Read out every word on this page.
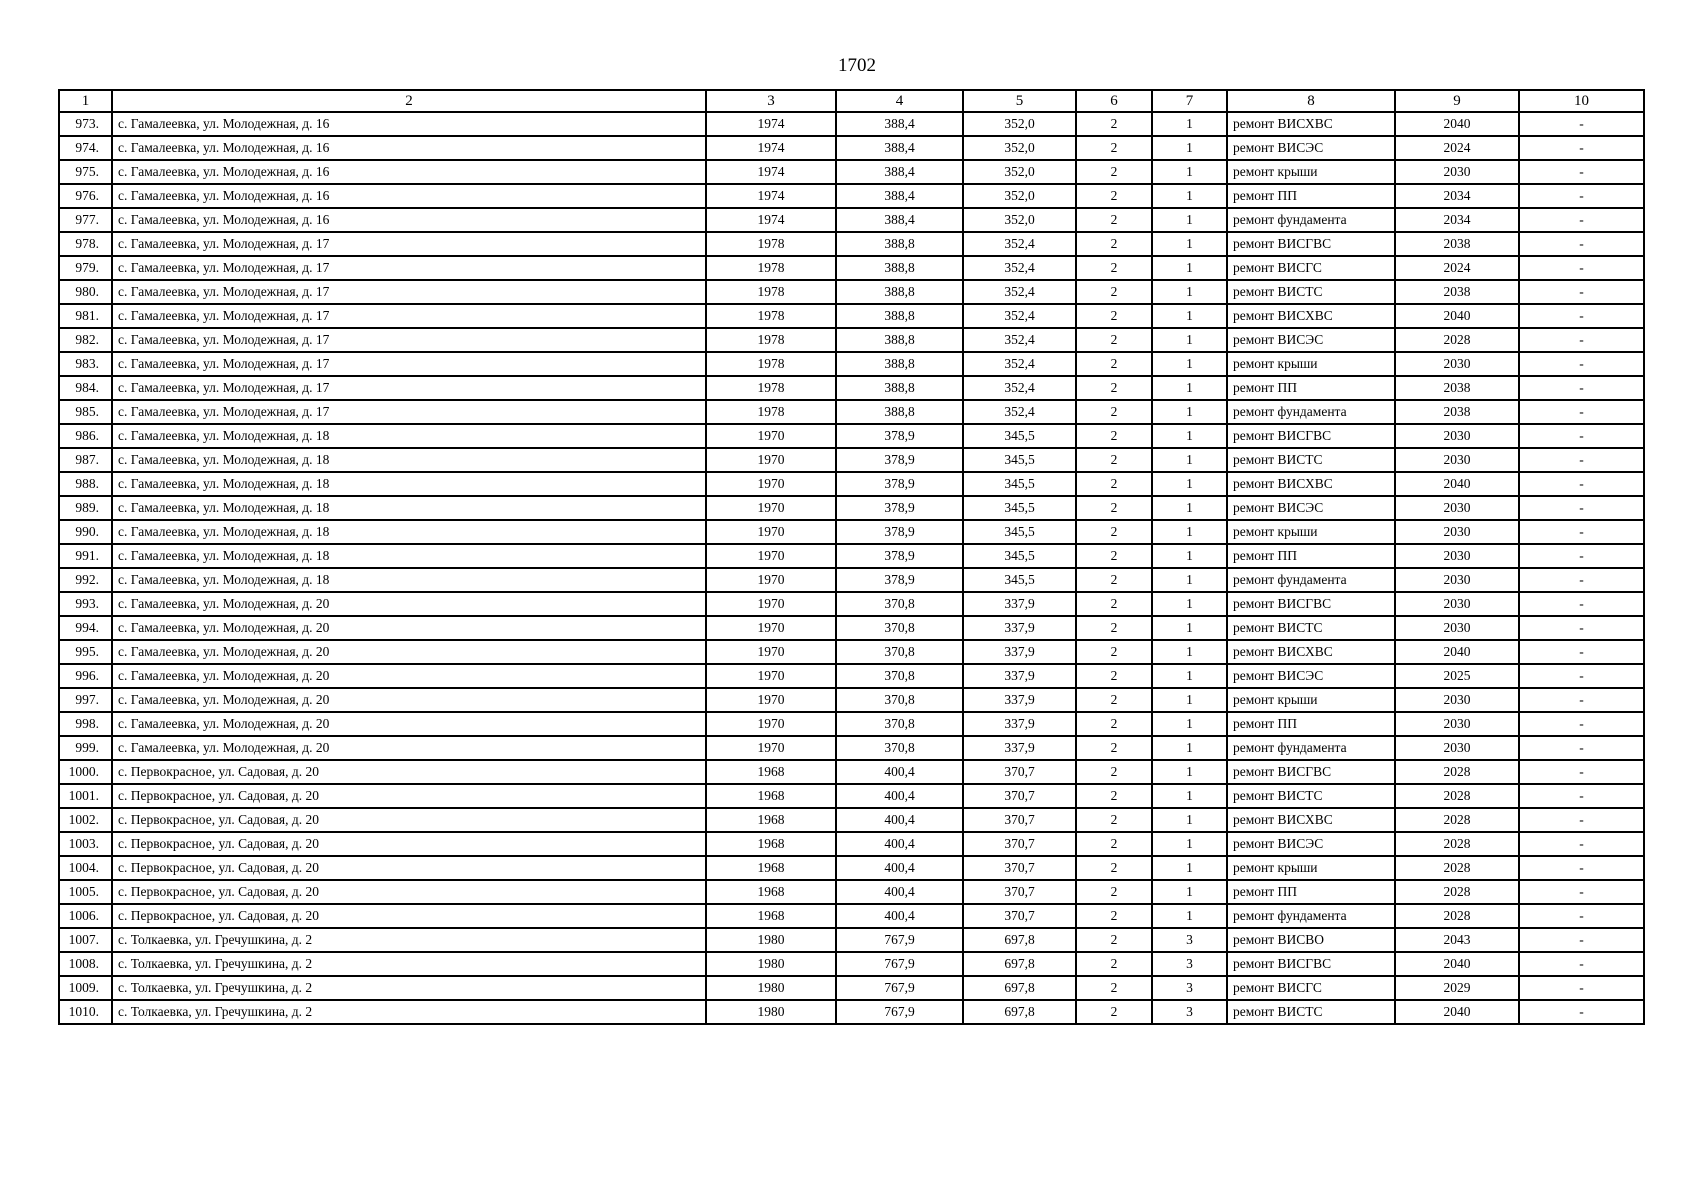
1702
1	2	3	4	5	6	7	8	9	10
973.	с. Гамалеевка, ул. Молодежная, д. 16	1974	388,4	352,0	2	1	ремонт ВИСХВС	2040	-
974.	с. Гамалеевка, ул. Молодежная, д. 16	1974	388,4	352,0	2	1	ремонт ВИСЭС	2024	-
975.	с. Гамалеевка, ул. Молодежная, д. 16	1974	388,4	352,0	2	1	ремонт крыши	2030	-
976.	с. Гамалеевка, ул. Молодежная, д. 16	1974	388,4	352,0	2	1	ремонт ПП	2034	-
977.	с. Гамалеевка, ул. Молодежная, д. 16	1974	388,4	352,0	2	1	ремонт фундамента	2034	-
978.	с. Гамалеевка, ул. Молодежная, д. 17	1978	388,8	352,4	2	1	ремонт ВИСГВС	2038	-
979.	с. Гамалеевка, ул. Молодежная, д. 17	1978	388,8	352,4	2	1	ремонт ВИСГС	2024	-
980.	с. Гамалеевка, ул. Молодежная, д. 17	1978	388,8	352,4	2	1	ремонт ВИСТС	2038	-
981.	с. Гамалеевка, ул. Молодежная, д. 17	1978	388,8	352,4	2	1	ремонт ВИСХВС	2040	-
982.	с. Гамалеевка, ул. Молодежная, д. 17	1978	388,8	352,4	2	1	ремонт ВИСЭС	2028	-
983.	с. Гамалеевка, ул. Молодежная, д. 17	1978	388,8	352,4	2	1	ремонт крыши	2030	-
984.	с. Гамалеевка, ул. Молодежная, д. 17	1978	388,8	352,4	2	1	ремонт ПП	2038	-
985.	с. Гамалеевка, ул. Молодежная, д. 17	1978	388,8	352,4	2	1	ремонт фундамента	2038	-
986.	с. Гамалеевка, ул. Молодежная, д. 18	1970	378,9	345,5	2	1	ремонт ВИСГВС	2030	-
987.	с. Гамалеевка, ул. Молодежная, д. 18	1970	378,9	345,5	2	1	ремонт ВИСТС	2030	-
988.	с. Гамалеевка, ул. Молодежная, д. 18	1970	378,9	345,5	2	1	ремонт ВИСХВС	2040	-
989.	с. Гамалеевка, ул. Молодежная, д. 18	1970	378,9	345,5	2	1	ремонт ВИСЭС	2030	-
990.	с. Гамалеевка, ул. Молодежная, д. 18	1970	378,9	345,5	2	1	ремонт крыши	2030	-
991.	с. Гамалеевка, ул. Молодежная, д. 18	1970	378,9	345,5	2	1	ремонт ПП	2030	-
992.	с. Гамалеевка, ул. Молодежная, д. 18	1970	378,9	345,5	2	1	ремонт фундамента	2030	-
993.	с. Гамалеевка, ул. Молодежная, д. 20	1970	370,8	337,9	2	1	ремонт ВИСГВС	2030	-
994.	с. Гамалеевка, ул. Молодежная, д. 20	1970	370,8	337,9	2	1	ремонт ВИСТС	2030	-
995.	с. Гамалеевка, ул. Молодежная, д. 20	1970	370,8	337,9	2	1	ремонт ВИСХВС	2040	-
996.	с. Гамалеевка, ул. Молодежная, д. 20	1970	370,8	337,9	2	1	ремонт ВИСЭС	2025	-
997.	с. Гамалеевка, ул. Молодежная, д. 20	1970	370,8	337,9	2	1	ремонт крыши	2030	-
998.	с. Гамалеевка, ул. Молодежная, д. 20	1970	370,8	337,9	2	1	ремонт ПП	2030	-
999.	с. Гамалеевка, ул. Молодежная, д. 20	1970	370,8	337,9	2	1	ремонт фундамента	2030	-
1000.	с. Первокрасное, ул. Садовая, д. 20	1968	400,4	370,7	2	1	ремонт ВИСГВС	2028	-
1001.	с. Первокрасное, ул. Садовая, д. 20	1968	400,4	370,7	2	1	ремонт ВИСТС	2028	-
1002.	с. Первокрасное, ул. Садовая, д. 20	1968	400,4	370,7	2	1	ремонт ВИСХВС	2028	-
1003.	с. Первокрасное, ул. Садовая, д. 20	1968	400,4	370,7	2	1	ремонт ВИСЭС	2028	-
1004.	с. Первокрасное, ул. Садовая, д. 20	1968	400,4	370,7	2	1	ремонт крыши	2028	-
1005.	с. Первокрасное, ул. Садовая, д. 20	1968	400,4	370,7	2	1	ремонт ПП	2028	-
1006.	с. Первокрасное, ул. Садовая, д. 20	1968	400,4	370,7	2	1	ремонт фундамента	2028	-
1007.	с. Толкаевка, ул. Гречушкина, д. 2	1980	767,9	697,8	2	3	ремонт ВИСВО	2043	-
1008.	с. Толкаевка, ул. Гречушкина, д. 2	1980	767,9	697,8	2	3	ремонт ВИСГВС	2040	-
1009.	с. Толкаевка, ул. Гречушкина, д. 2	1980	767,9	697,8	2	3	ремонт ВИСГС	2029	-
1010.	с. Толкаевка, ул. Гречушкина, д. 2	1980	767,9	697,8	2	3	ремонт ВИСТС	2040	-
